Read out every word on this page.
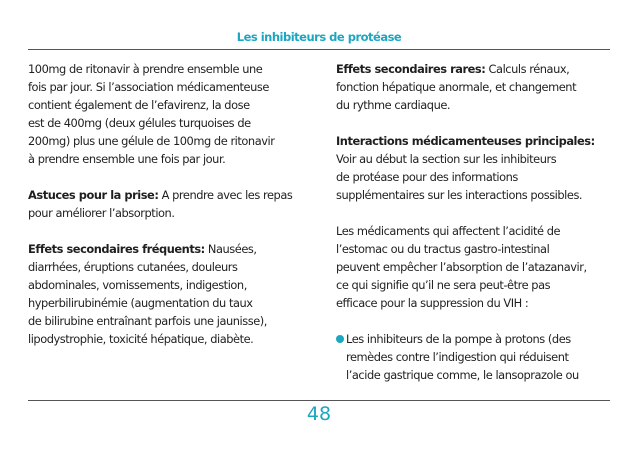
Les inhibiteurs de protéase
100mg de ritonavir à prendre ensemble une
fois par jour. Si l’association médicamenteuse
contient également de l’efavirenz, la dose
est de 400mg (deux gélules turquoises de
200mg) plus une gélule de 100mg de ritonavir
à prendre ensemble une fois par jour.
Astuces pour la prise: A prendre avec les repas
pour améliorer l’absorption.
Effets secondaires fréquents: Nausées,
diarrhées, éruptions cutanées, douleurs
abdominales, vomissements, indigestion,
hyperbilirubinémie (augmentation du taux
de bilirubine entraînant parfois une jaunisse),
lipodystrophie, toxicité hépatique, diabète.
Effets secondaires rares: Calculs rénaux,
fonction hépatique anormale, et changement
du rythme cardiaque.
Interactions médicamenteuses principales:
Voir au début la section sur les inhibiteurs
de protéase pour des informations
supplémentaires sur les interactions possibles.
Les médicaments qui affectent l’acidité de
l’estomac ou du tractus gastro-intestinal
peuvent empêcher l’absorption de l’atazanavir,
ce qui signifie qu’il ne sera peut-être pas
efficace pour la suppression du VIH :
Les inhibiteurs de la pompe à protons (des
remèdes contre l’indigestion qui réduisent
l’acide gastrique comme, le lansoprazole ou
48
